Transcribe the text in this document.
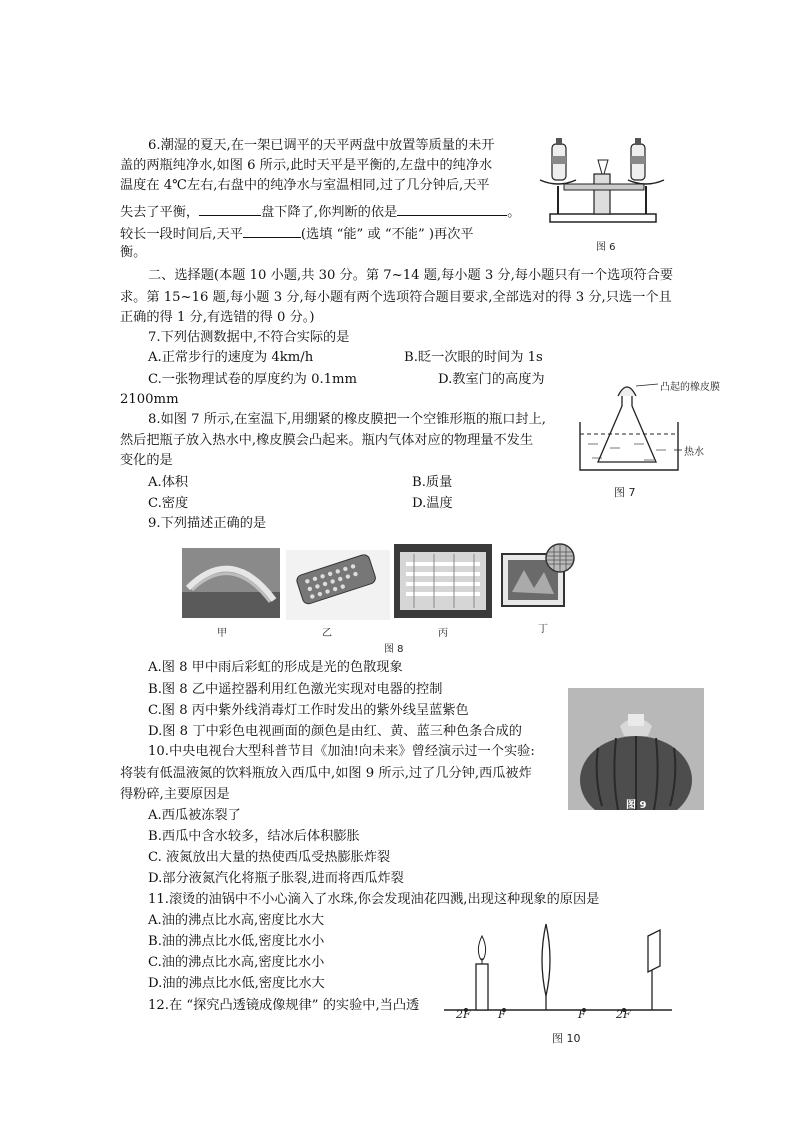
6.潮湿的夏天,在一架已调平的天平两盘中放置等质量的未开
盖的两瓶纯净水,如图 6 所示,此时天平是平衡的,左盘中的纯净水
温度在 4℃左右,右盘中的纯净水与室温相同,过了几分钟后,天平
失去了平衡，	盘下降了,你判断的依是	。
较长一段时间后,天平	(选填 “能” 或 “不能” )再次平
衡。	图 6
二、选择题(本题 10 小题,共 30 分。第 7~14 题,每小题 3 分,每小题只有一个选项符合要
求。第 15~16 题,每小题 3 分,每小题有两个选项符合题目要求,全部选对的得 3 分,只选一个且
正确的得 1 分,有选错的得 0 分。)
7.下列估测数据中,不符合实际的是
A.正常步行的速度为 4km/h	B.眨一次眼的时间为 1s
C.一张物理试卷的厚度约为 0.1mm	D.教室门的高度为
2100mm
8.如图 7 所示,在室温下,用绷紧的橡皮膜把一个空锥形瓶的瓶口封上,
然后把瓶子放入热水中,橡皮膜会凸起来。瓶内气体对应的物理量不发生
变化的是
A.体积	B.质量
C.密度	D.温度
凸起的橡皮膜
热水
图 7
9.下列描述正确的是
甲	乙	丙	丁
图 8
A.图 8 甲中雨后彩虹的形成是光的色散现象
B.图 8 乙中遥控器利用红色激光实现对电器的控制
C.图 8 丙中紫外线消毒灯工作时发出的紫外线呈蓝紫色
D.图 8 丁中彩色电视画面的颜色是由红、黄、蓝三种色条合成的
图 9
10.中央电视台大型科普节目《加油!向未来》曾经演示过一个实验:
将装有低温液氮的饮料瓶放入西瓜中,如图 9 所示,过了几分钟,西瓜被炸
得粉碎,主要原因是
A.西瓜被冻裂了
B.西瓜中含水较多，结冰后体积膨胀
C. 液氮放出大量的热使西瓜受热膨胀炸裂
D.部分液氮汽化将瓶子胀裂,进而将西瓜炸裂
11.滚烫的油锅中不小心滴入了水珠,你会发现油花四溅,出现这种现象的原因是
A.油的沸点比水高,密度比水大
B.油的沸点比水低,密度比水小
C.油的沸点比水高,密度比水小
D.油的沸点比水低,密度比水大
12.在 “探究凸透镜成像规律” 的实验中,当凸透
2F F	F	2F
图 10
